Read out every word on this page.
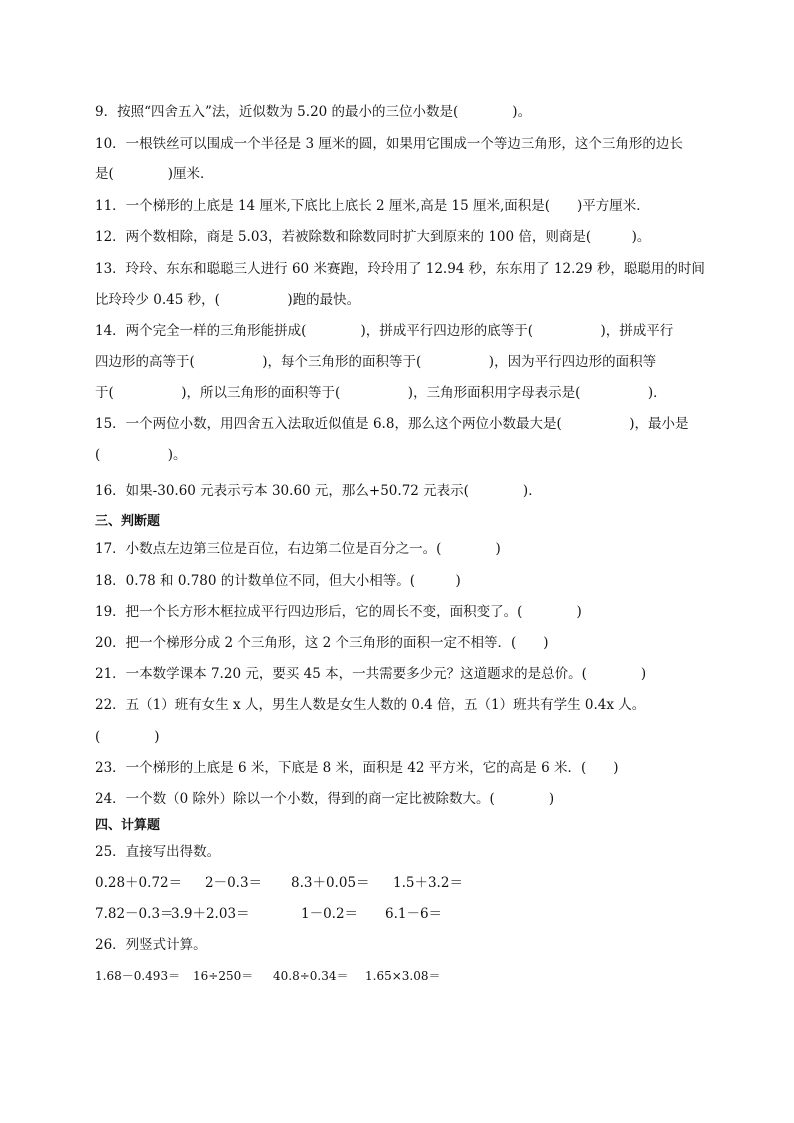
9．按照“四舍五入”法，近似数为 5.20 的最小的三位小数是(　　　　)。
10．一根铁丝可以围成一个半径是 3 厘米的圆，如果用它围成一个等边三角形，这个三角形的边长
是(　　　　)厘米．
11．一个梯形的上底是 14 厘米,下底比上底长 2 厘米,高是 15 厘米,面积是(　　)平方厘米．
12．两个数相除，商是 5.03，若被除数和除数同时扩大到原来的 100 倍，则商是(　　　)。
13．玲玲、东东和聪聪三人进行 60 米赛跑，玲玲用了 12.94 秒，东东用了 12.29 秒，聪聪用的时间
比玲玲少 0.45 秒，(　　　　　)跑的最快。
14．两个完全一样的三角形能拼成(　　　　)，拼成平行四边形的底等于(　　　　　)，拼成平行
四边形的高等于(　　　　　)，每个三角形的面积等于(　　　　　)，因为平行四边形的面积等
于(　　　　　)，所以三角形的面积等于(　　　　　)，三角形面积用字母表示是(　　　　　)．
15．一个两位小数，用四舍五入法取近似值是 6.8，那么这个两位小数最大是(　　　　　)，最小是
(　　　　　)。
16．如果-30.60 元表示亏本 30.60 元，那么+50.72 元表示(　　　　)．
三、判断题
17．小数点左边第三位是百位，右边第二位是百分之一。(　　　　)
18．0.78 和 0.780 的计数单位不同，但大小相等。(　　　)
19．把一个长方形木框拉成平行四边形后，它的周长不变，面积变了。(　　　　)
20．把一个梯形分成 2 个三角形，这 2 个三角形的面积一定不相等．(　　)
21．一本数学课本 7.20 元，要买 45 本，一共需要多少元？这道题求的是总价。(　　　　)
22．五（1）班有女生 x 人，男生人数是女生人数的 0.4 倍，五（1）班共有学生 0.4x 人。
(　　　　)
23．一个梯形的上底是 6 米，下底是 8 米，面积是 42 平方米，它的高是 6 米．(　　)
24．一个数（0 除外）除以一个小数，得到的商一定比被除数大。(　　　　)
四、计算题
25．直接写出得数。
0.28＋0.72＝ 2－0.3＝ 8.3＋0.05＝ 1.5＋3.2＝
7.82－0.3＝
3.9＋2.03＝	1－0.2＝ 6.1－6＝
26．列竖式计算。
1.68－0.493＝ 16÷250＝ 40.8÷0.34＝ 1.65×3.08＝
